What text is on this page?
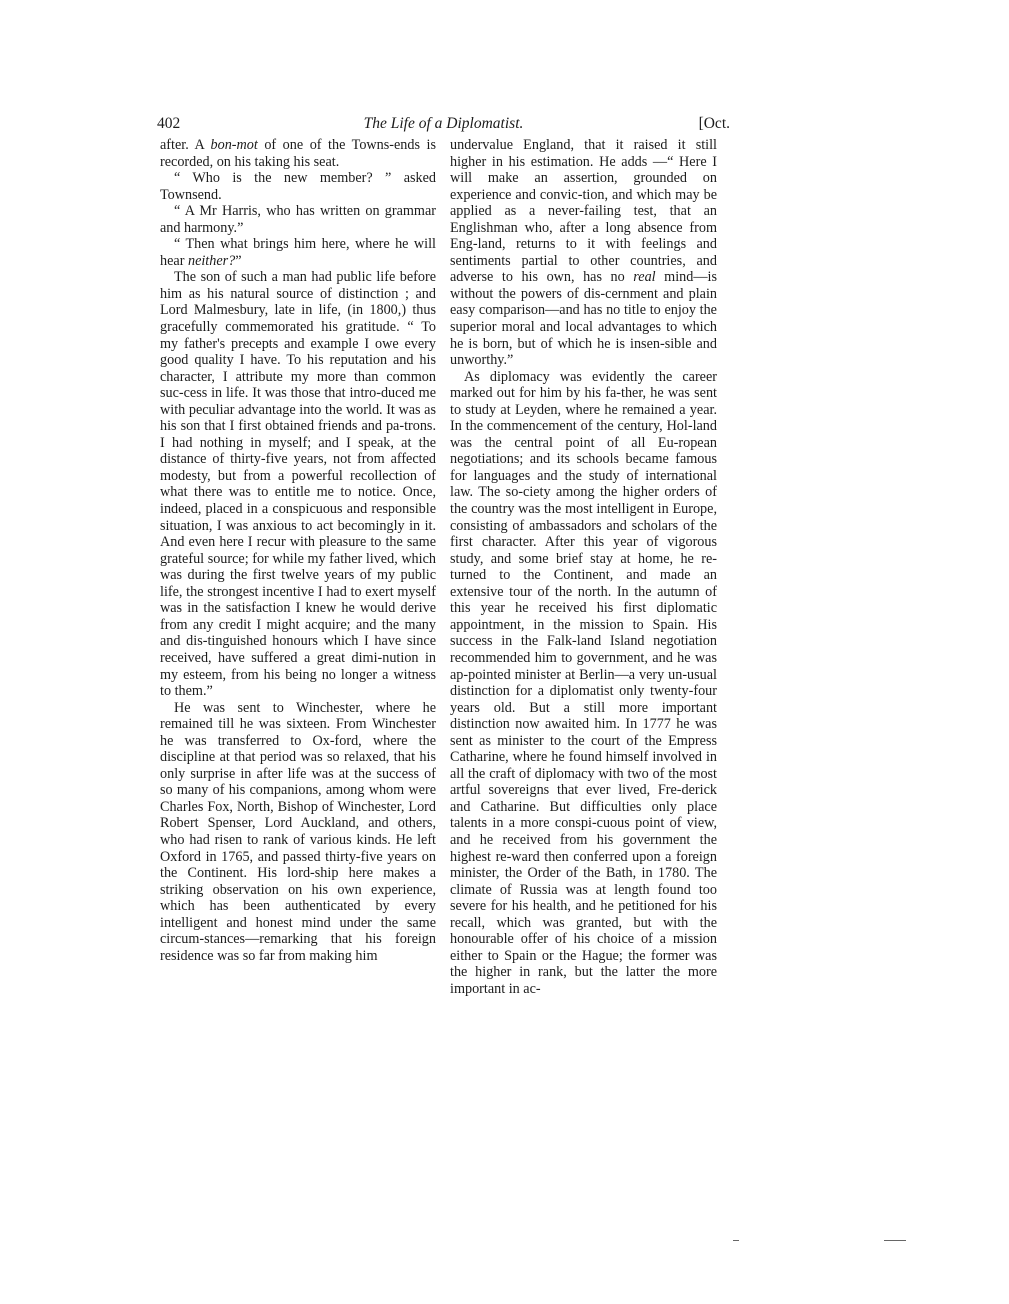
402	The Life of a Diplomatist.	[Oct.

after. A bon-mot of one of the Towns-ends is recorded, on his taking his seat.

“ Who is the new member? ” asked Townsend.

“ A Mr Harris, who has written on grammar and harmony.”

“ Then what brings him here, where he will hear neither?”

The son of such a man had public life before him as his natural source of distinction ; and Lord Malmesbury, late in life, (in 1800,) thus gracefully commemorated his gratitude. “ To my father's precepts and example I owe every good quality I have. To his reputation and his character, I attribute my more than common suc-cess in life. It was those that intro-duced me with peculiar advantage into the world. It was as his son that I first obtained friends and pa-trons. I had nothing in myself; and I speak, at the distance of thirty-five years, not from affected modesty, but from a powerful recollection of what there was to entitle me to notice. Once, indeed, placed in a conspicuous and responsible situation, I was anxious to act becomingly in it. And even here I recur with pleasure to the same grateful source; for while my father lived, which was during the first twelve years of my public life, the strongest incentive I had to exert myself was in the satisfaction I knew he would derive from any credit I might acquire; and the many and dis-tinguished honours which I have since received, have suffered a great dimi-nution in my esteem, from his being no longer a witness to them.”

He was sent to Winchester, where he remained till he was sixteen. From Winchester he was transferred to Ox-ford, where the discipline at that period was so relaxed, that his only surprise in after life was at the success of so many of his companions, among whom were Charles Fox, North, Bishop of Winchester, Lord Robert Spenser, Lord Auckland, and others, who had risen to rank of various kinds. He left Oxford in 1765, and passed thirty-five years on the Continent. His lord-ship here makes a striking observation on his own experience, which has been authenticated by every intelligent and honest mind under the same circum-stances—remarking that his foreign residence was so far from making him

undervalue England, that it raised it still higher in his estimation. He adds —“ Here I will make an assertion, grounded on experience and convic-tion, and which may be applied as a never-failing test, that an Englishman who, after a long absence from Eng-land, returns to it with feelings and sentiments partial to other countries, and adverse to his own, has no real mind—is without the powers of dis-cernment and plain easy comparison—and has no title to enjoy the superior moral and local advantages to which he is born, but of which he is insen-sible and unworthy.”

As diplomacy was evidently the career marked out for him by his fa-ther, he was sent to study at Leyden, where he remained a year. In the commencement of the century, Hol-land was the central point of all Eu-ropean negotiations; and its schools became famous for languages and the study of international law. The so-ciety among the higher orders of the country was the most intelligent in Europe, consisting of ambassadors and scholars of the first character. After this year of vigorous study, and some brief stay at home, he re-turned to the Continent, and made an extensive tour of the north. In the autumn of this year he received his first diplomatic appointment, in the mission to Spain. His success in the Falk-land Island negotiation recommended him to government, and he was ap-pointed minister at Berlin—a very un-usual distinction for a diplomatist only twenty-four years old. But a still more important distinction now awaited him. In 1777 he was sent as minister to the court of the Empress Catharine, where he found himself involved in all the craft of diplomacy with two of the most artful sovereigns that ever lived, Fre-derick and Catharine. But difficulties only place talents in a more conspi-cuous point of view, and he received from his government the highest re-ward then conferred upon a foreign minister, the Order of the Bath, in 1780. The climate of Russia was at length found too severe for his health, and he petitioned for his recall, which was granted, but with the honourable offer of his choice of a mission either to Spain or the Hague; the former was the higher in rank, but the latter the more important in ac-
